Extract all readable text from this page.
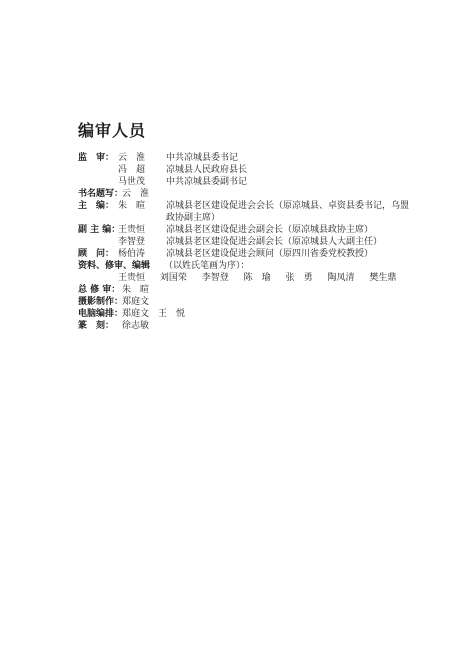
编审人员
监　审： 云　淮 中共凉城县委书记
冯　超 凉城县人民政府县长
马世茂 中共凉城县委副书记
书名题写：
云　淮
主　编： 朱　暄 凉城县老区建设促进会会长（原凉城县、卓资县委书记，乌盟政协副主席）
副 主 编：
王贵恒 凉城县老区建设促进会副会长（原凉城县政协主席）
李智登 凉城县老区建设促进会副会长（原凉城县人大副主任）
顾　问： 杨伯涛 凉城县老区建设促进会顾问（原四川省委党校教授）
资料、修审、编辑 （以姓氏笔画为序）：
王贵恒 刘国荣 李智登 陈　瑜 张　勇 陶凤清 樊生鼎
总 修 审： 朱　暄
摄影制作：
郑庭文
电脑编排：
郑庭文　王　悦
篆　刻： 徐志敏
